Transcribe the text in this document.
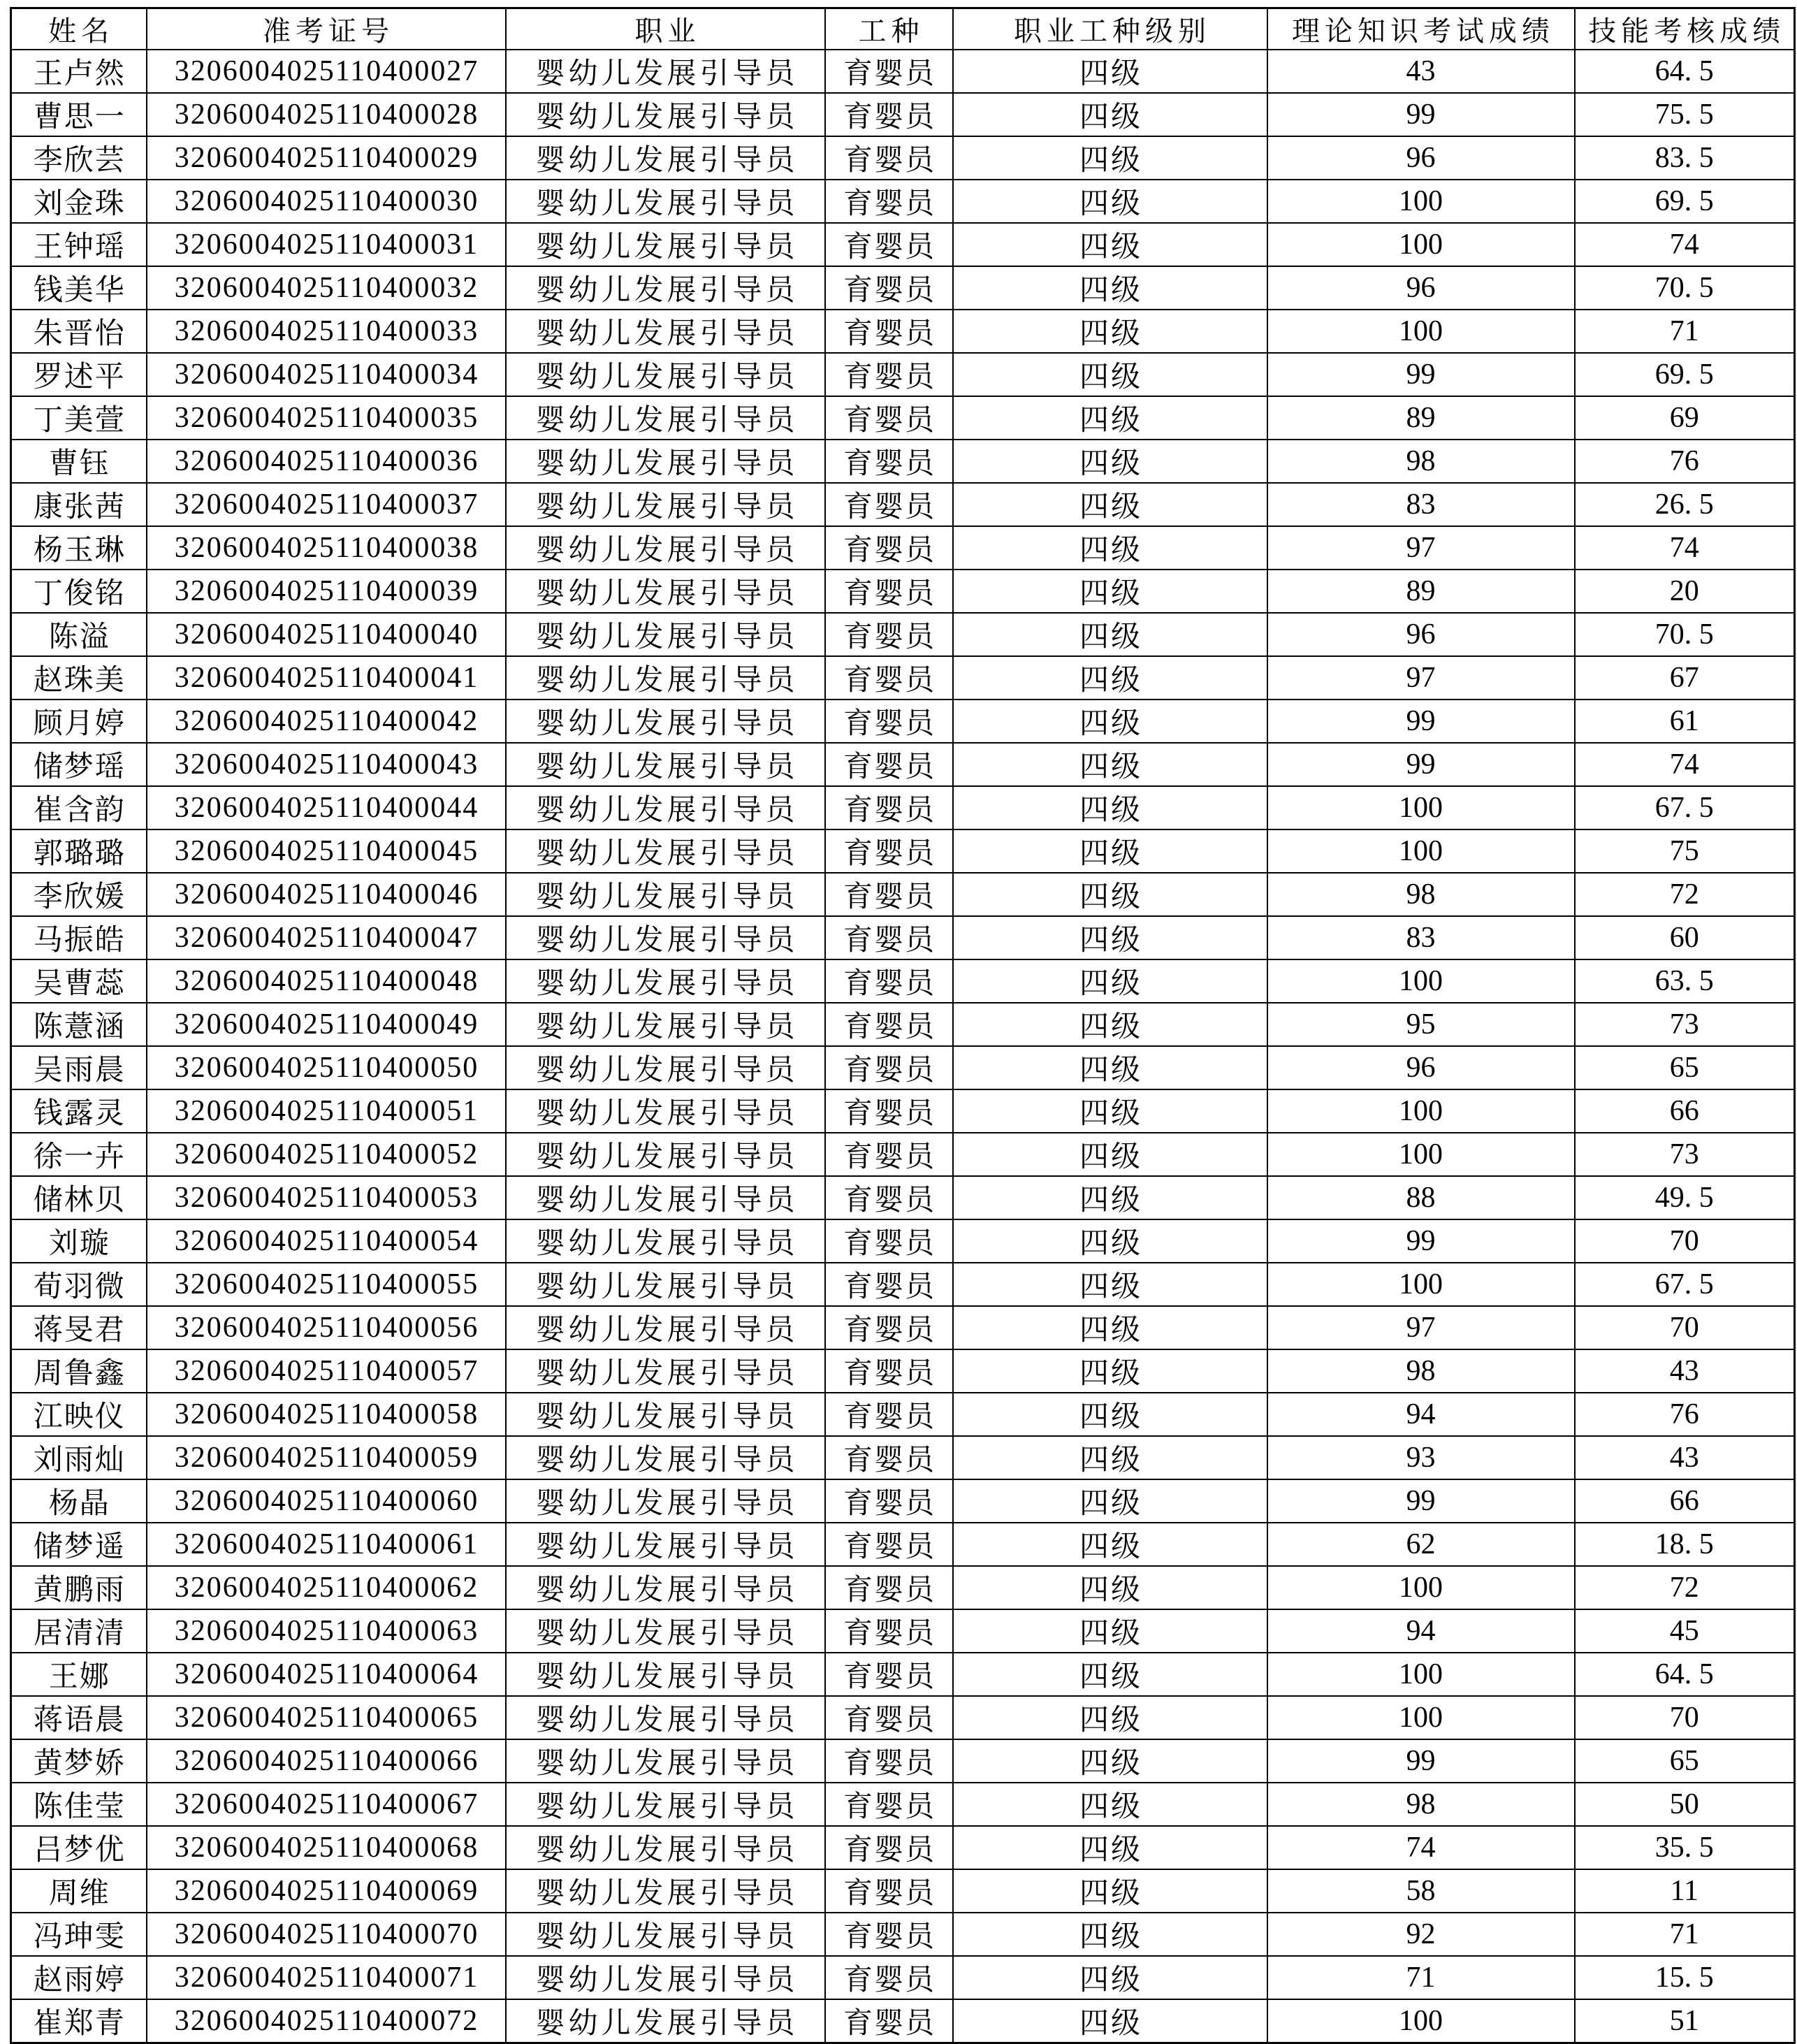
姓名	准考证号	职业	工种	职业工种级别	理论知识考试成绩	技能考核成绩
王卢然	3206004025110400027	婴幼儿发展引导员	育婴员	四级	43	64. 5
曹思一	3206004025110400028	婴幼儿发展引导员	育婴员	四级	99	75. 5
李欣芸	3206004025110400029	婴幼儿发展引导员	育婴员	四级	96	83. 5
刘金珠	3206004025110400030	婴幼儿发展引导员	育婴员	四级	100	69. 5
王钟瑶	3206004025110400031	婴幼儿发展引导员	育婴员	四级	100	74
钱美华	3206004025110400032	婴幼儿发展引导员	育婴员	四级	96	70. 5
朱晋怡	3206004025110400033	婴幼儿发展引导员	育婴员	四级	100	71
罗述平	3206004025110400034	婴幼儿发展引导员	育婴员	四级	99	69. 5
丁美萱	3206004025110400035	婴幼儿发展引导员	育婴员	四级	89	69
曹钰	3206004025110400036	婴幼儿发展引导员	育婴员	四级	98	76
康张茜	3206004025110400037	婴幼儿发展引导员	育婴员	四级	83	26. 5
杨玉琳	3206004025110400038	婴幼儿发展引导员	育婴员	四级	97	74
丁俊铭	3206004025110400039	婴幼儿发展引导员	育婴员	四级	89	20
陈溢	3206004025110400040	婴幼儿发展引导员	育婴员	四级	96	70. 5
赵珠美	3206004025110400041	婴幼儿发展引导员	育婴员	四级	97	67
顾月婷	3206004025110400042	婴幼儿发展引导员	育婴员	四级	99	61
储梦瑶	3206004025110400043	婴幼儿发展引导员	育婴员	四级	99	74
崔含韵	3206004025110400044	婴幼儿发展引导员	育婴员	四级	100	67. 5
郭璐璐	3206004025110400045	婴幼儿发展引导员	育婴员	四级	100	75
李欣媛	3206004025110400046	婴幼儿发展引导员	育婴员	四级	98	72
马振皓	3206004025110400047	婴幼儿发展引导员	育婴员	四级	83	60
吴曹蕊	3206004025110400048	婴幼儿发展引导员	育婴员	四级	100	63. 5
陈薏涵	3206004025110400049	婴幼儿发展引导员	育婴员	四级	95	73
吴雨晨	3206004025110400050	婴幼儿发展引导员	育婴员	四级	96	65
钱露灵	3206004025110400051	婴幼儿发展引导员	育婴员	四级	100	66
徐一卉	3206004025110400052	婴幼儿发展引导员	育婴员	四级	100	73
储林贝	3206004025110400053	婴幼儿发展引导员	育婴员	四级	88	49. 5
刘璇	3206004025110400054	婴幼儿发展引导员	育婴员	四级	99	70
荀羽微	3206004025110400055	婴幼儿发展引导员	育婴员	四级	100	67. 5
蒋旻君	3206004025110400056	婴幼儿发展引导员	育婴员	四级	97	70
周鲁鑫	3206004025110400057	婴幼儿发展引导员	育婴员	四级	98	43
江映仪	3206004025110400058	婴幼儿发展引导员	育婴员	四级	94	76
刘雨灿	3206004025110400059	婴幼儿发展引导员	育婴员	四级	93	43
杨晶	3206004025110400060	婴幼儿发展引导员	育婴员	四级	99	66
储梦遥	3206004025110400061	婴幼儿发展引导员	育婴员	四级	62	18. 5
黄鹏雨	3206004025110400062	婴幼儿发展引导员	育婴员	四级	100	72
居清清	3206004025110400063	婴幼儿发展引导员	育婴员	四级	94	45
王娜	3206004025110400064	婴幼儿发展引导员	育婴员	四级	100	64. 5
蒋语晨	3206004025110400065	婴幼儿发展引导员	育婴员	四级	100	70
黄梦娇	3206004025110400066	婴幼儿发展引导员	育婴员	四级	99	65
陈佳莹	3206004025110400067	婴幼儿发展引导员	育婴员	四级	98	50
吕梦优	3206004025110400068	婴幼儿发展引导员	育婴员	四级	74	35. 5
周维	3206004025110400069	婴幼儿发展引导员	育婴员	四级	58	11
冯珅雯	3206004025110400070	婴幼儿发展引导员	育婴员	四级	92	71
赵雨婷	3206004025110400071	婴幼儿发展引导员	育婴员	四级	71	15. 5
崔郑青	3206004025110400072	婴幼儿发展引导员	育婴员	四级	100	51
